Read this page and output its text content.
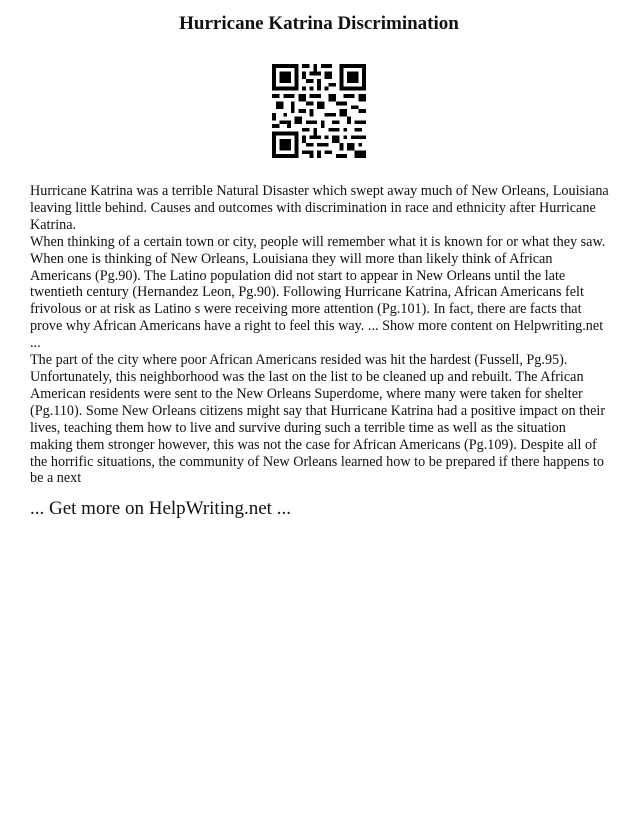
Hurricane Katrina Discrimination
Hurricane Katrina was a terrible Natural Disaster which swept away much of New Orleans, Louisiana leaving little behind. Causes and outcomes with discrimination in race and ethnicity after Hurricane Katrina.
When thinking of a certain town or city, people will remember what it is known for or what they saw. When one is thinking of New Orleans, Louisiana they will more than likely think of African Americans (Pg.90). The Latino population did not start to appear in New Orleans until the late twentieth century (Hernandez Leon, Pg.90). Following Hurricane Katrina, African Americans felt frivolous or at risk as Latino s were receiving more attention (Pg.101). In fact, there are facts that prove why African Americans have a right to feel this way. ... Show more content on Helpwriting.net
...
The part of the city where poor African Americans resided was hit the hardest (Fussell, Pg.95). Unfortunately, this neighborhood was the last on the list to be cleaned up and rebuilt. The African American residents were sent to the New Orleans Superdome, where many were taken for shelter (Pg.110). Some New Orleans citizens might say that Hurricane Katrina had a positive impact on their lives, teaching them how to live and survive during such a terrible time as well as the situation making them stronger however, this was not the case for African Americans (Pg.109). Despite all of the horrific situations, the community of New Orleans learned how to be prepared if there happens to be a next

... Get more on HelpWriting.net ...
